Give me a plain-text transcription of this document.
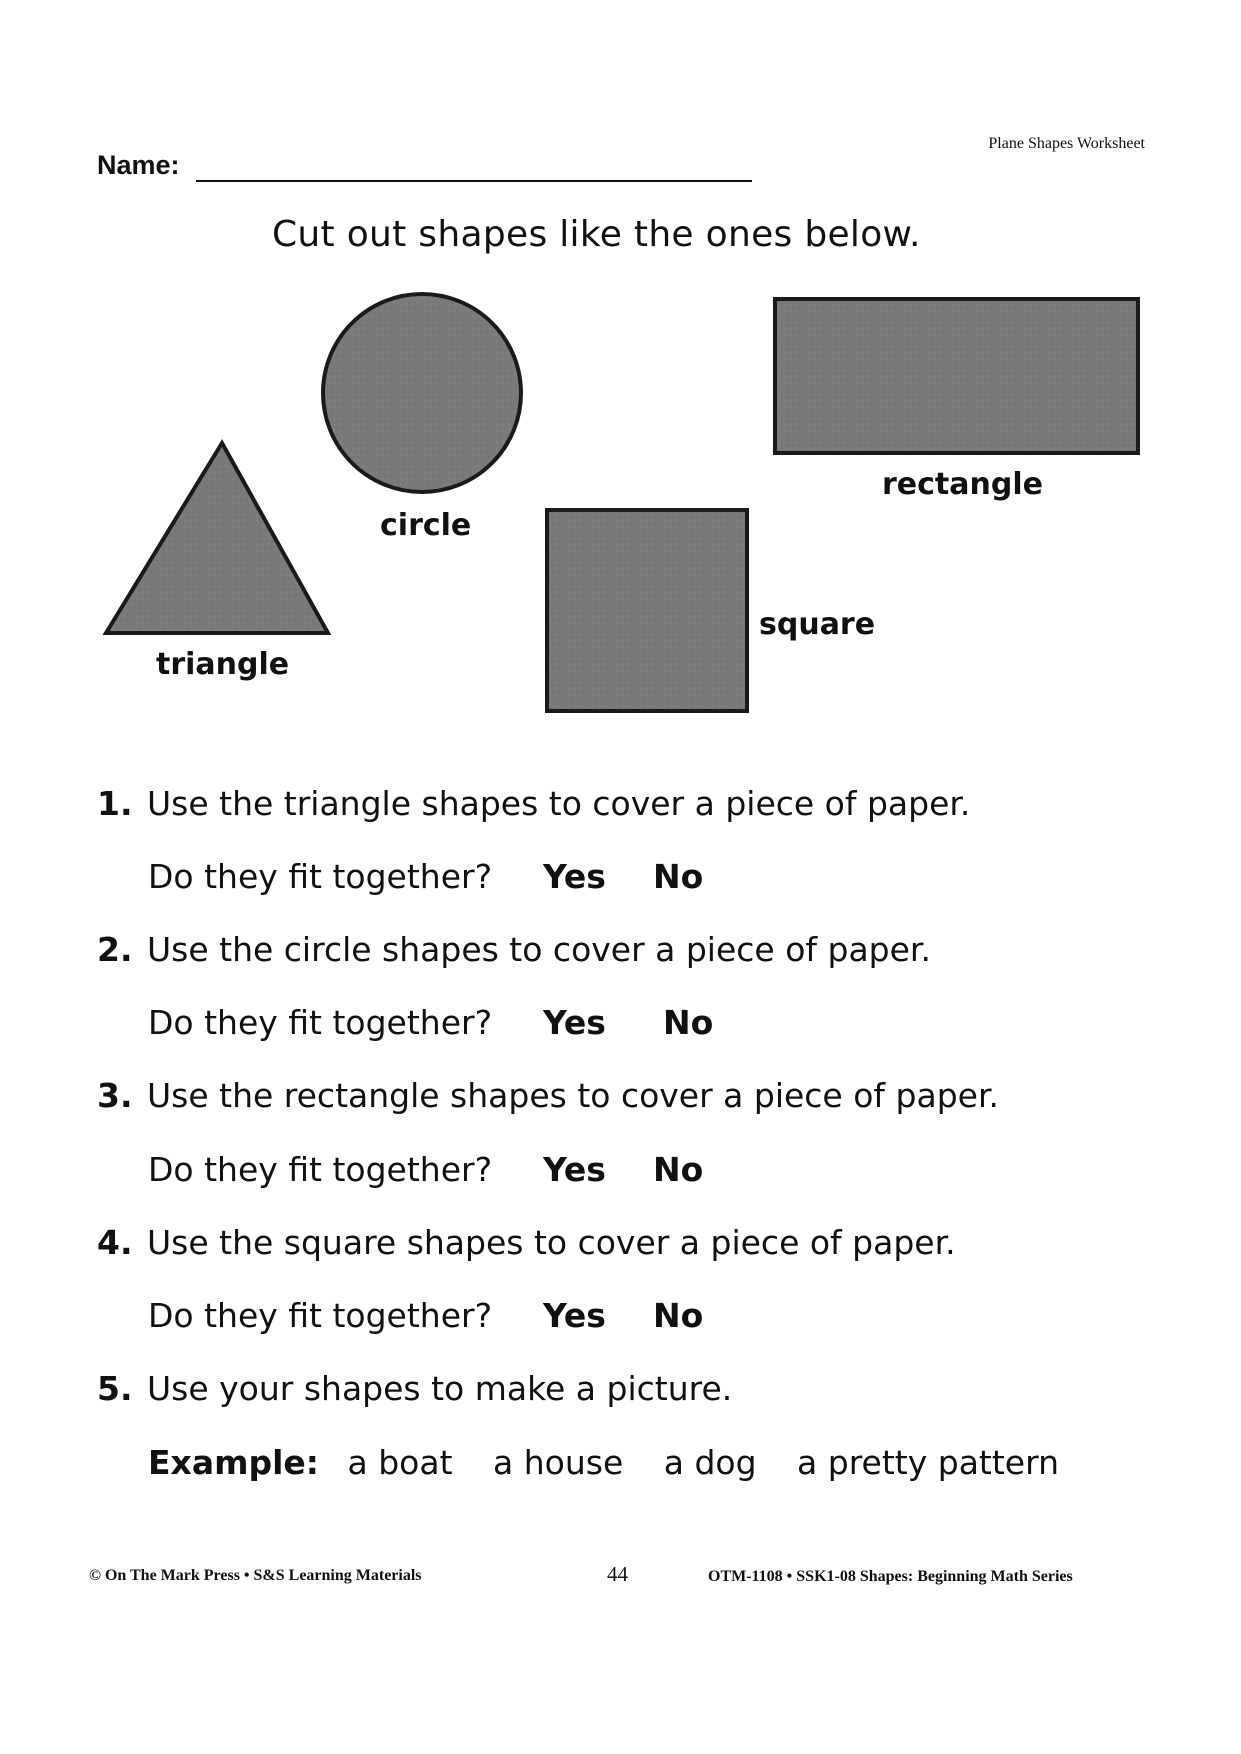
Plane Shapes Worksheet
Name:
Cut out shapes like the ones below.
triangle
circle
square
rectangle
1. Use the triangle shapes to cover a piece of paper.
Do they fit together? Yes No
2. Use the circle shapes to cover a piece of paper.
Do they fit together? Yes No
3. Use the rectangle shapes to cover a piece of paper.
Do they fit together? Yes No
4. Use the square shapes to cover a piece of paper.
Do they fit together? Yes No
5. Use your shapes to make a picture.
Example: a boat a house a dog a pretty pattern
© On The Mark Press • S&S Learning Materials	44	OTM-1108 • SSK1-08 Shapes: Beginning Math Series
